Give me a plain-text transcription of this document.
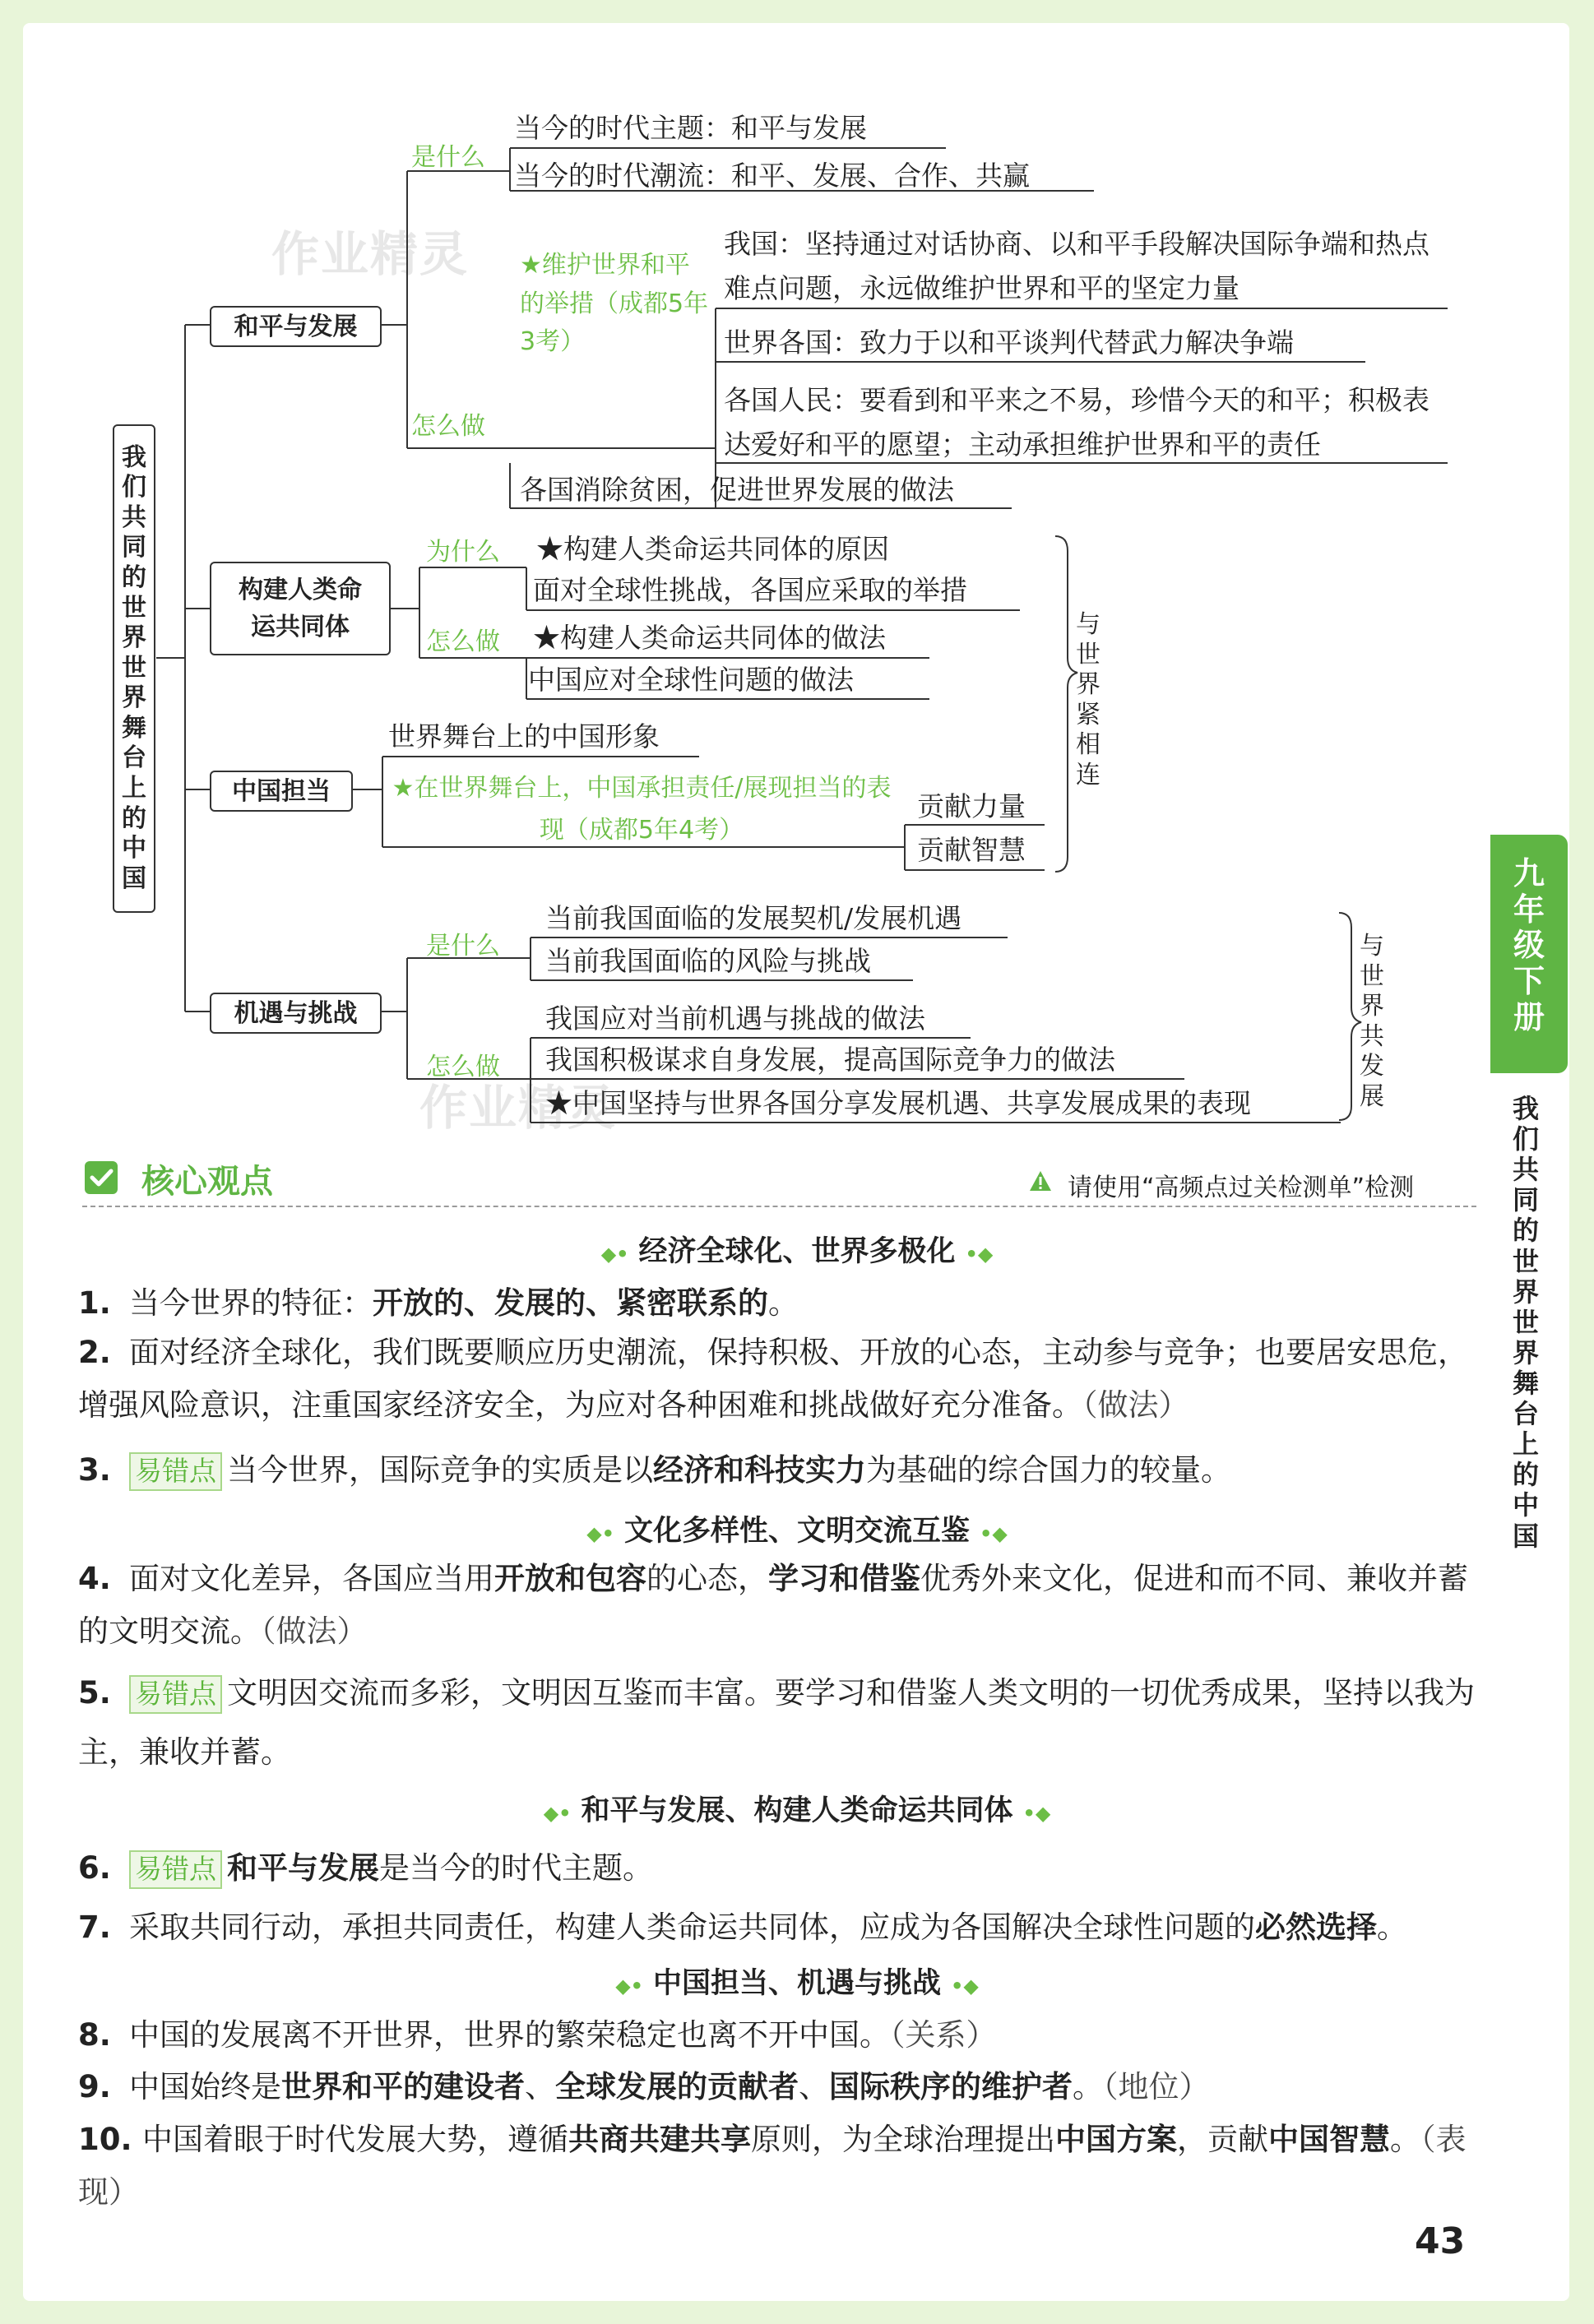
作业精灵
作业精灵
我们共同的世界 世界舞台上的中国
和平与发展
是什么
当今的时代主题：和平与发展
当今的时代潮流：和平、发展、合作、共赢
★维护世界和平的举措（成都5年3考）
怎么做
我国：坚持通过对话协商、以和平手段解决国际争端和热点难点问题，永远做维护世界和平的坚定力量
世界各国：致力于以和平谈判代替武力解决争端
各国人民：要看到和平来之不易，珍惜今天的和平；积极表达爱好和平的愿望；主动承担维护世界和平的责任
各国消除贫困，促进世界发展的做法
构建人类命运共同体
为什么 ★构建人类命运共同体的原因
面对全球性挑战，各国应采取的举措
怎么做 ★构建人类命运共同体的做法
中国应对全球性问题的做法
中国担当
世界舞台上的中国形象
★在世界舞台上，中国承担责任/展现担当的表现（成都5年4考）
贡献力量
贡献智慧
与世界紧相连
机遇与挑战
是什么
当前我国面临的发展契机/发展机遇
当前我国面临的风险与挑战
怎么做
我国应对当前机遇与挑战的做法
我国积极谋求自身发展，提高国际竞争力的做法
★中国坚持与世界各国分享发展机遇、共享发展成果的表现
与世界共发展
核心观点	请使用“高频点过关检测单”检测
◆• 经济全球化、世界多极化 •◆
◆• 文化多样性、文明交流互鉴 •◆
◆• 和平与发展、构建人类命运共同体 •◆
◆• 中国担当、机遇与挑战 •◆
1. 当今世界的特征：开放的、发展的、紧密联系的。
2. 面对经济全球化，我们既要顺应历史潮流，保持积极、开放的心态，主动参与竞争；也要居安思危，增强风险意识，注重国家经济安全，为应对各种困难和挑战做好充分准备。（做法）
3. 易错点 当今世界，国际竞争的实质是以经济和科技实力为基础的综合国力的较量。
4. 面对文化差异，各国应当用开放和包容的心态，学习和借鉴优秀外来文化，促进和而不同、兼收并蓄的文明交流。（做法）
5. 易错点 文明因交流而多彩，文明因互鉴而丰富。要学习和借鉴人类文明的一切优秀成果，坚持以我为主，兼收并蓄。
6. 易错点 和平与发展是当今的时代主题。
7. 采取共同行动，承担共同责任，构建人类命运共同体，应成为各国解决全球性问题的必然选择。
8. 中国的发展离不开世界，世界的繁荣稳定也离不开中国。（关系）
9. 中国始终是世界和平的建设者、全球发展的贡献者、国际秩序的维护者。（地位）
10. 中国着眼于时代发展大势，遵循共商共建共享原则，为全球治理提出中国方案，贡献中国智慧。（表现）
九年级下册
我们共同的世界 世界舞台上的中国
43
